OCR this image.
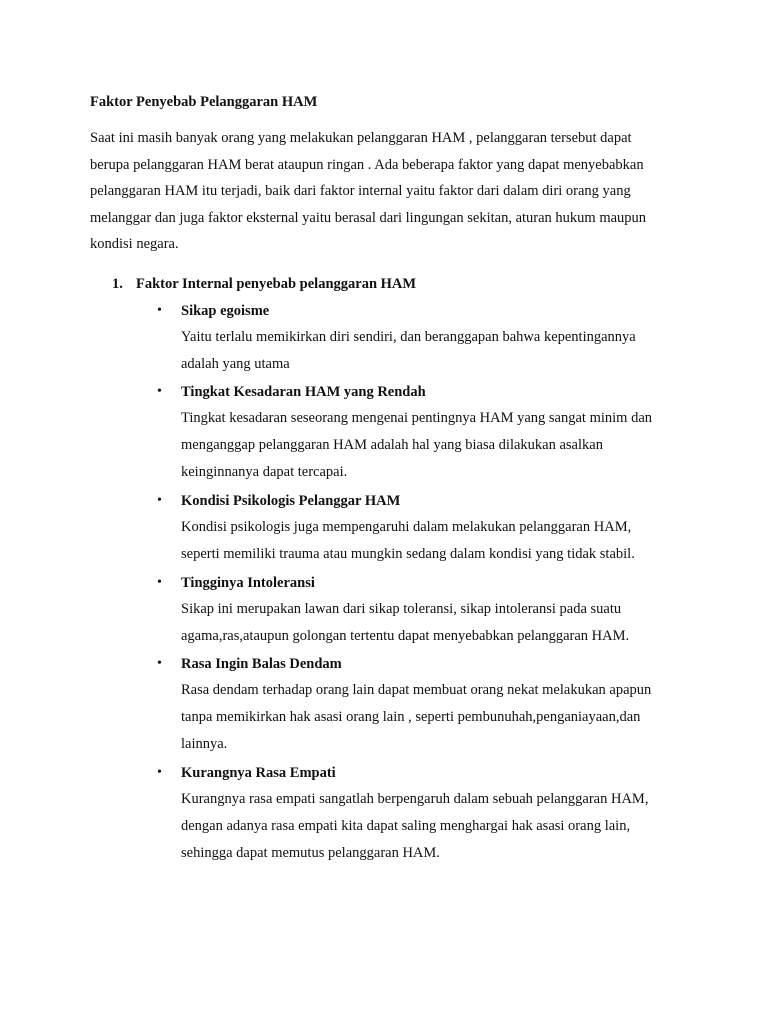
Faktor Penyebab Pelanggaran HAM
Saat ini masih banyak orang yang melakukan pelanggaran HAM , pelanggaran tersebut dapat
berupa pelanggaran HAM berat ataupun ringan . Ada beberapa faktor yang dapat menyebabkan
pelanggaran HAM itu terjadi, baik dari faktor internal yaitu faktor dari dalam diri orang yang
melanggar dan juga faktor eksternal yaitu berasal dari lingungan sekitan, aturan hukum maupun
kondisi negara.
1. Faktor Internal penyebab pelanggaran HAM
•	Sikap egoisme
Yaitu terlalu memikirkan diri sendiri, dan beranggapan bahwa kepentingannya
adalah yang utama
•	Tingkat Kesadaran HAM yang Rendah
Tingkat kesadaran seseorang mengenai pentingnya HAM yang sangat minim dan
menganggap pelanggaran HAM adalah hal yang biasa dilakukan asalkan
keinginnanya dapat tercapai.
•	Kondisi Psikologis Pelanggar HAM
Kondisi psikologis juga mempengaruhi dalam melakukan pelanggaran HAM,
seperti memiliki trauma atau mungkin sedang dalam kondisi yang tidak stabil.
•	Tingginya Intoleransi
Sikap ini merupakan lawan dari sikap toleransi, sikap intoleransi pada suatu
agama,ras,ataupun golongan tertentu dapat menyebabkan pelanggaran HAM.
•	Rasa Ingin Balas Dendam
Rasa dendam terhadap orang lain dapat membuat orang nekat melakukan apapun
tanpa memikirkan hak asasi orang lain , seperti pembunuhah,penganiayaan,dan
lainnya.
•	Kurangnya Rasa Empati
Kurangnya rasa empati sangatlah berpengaruh dalam sebuah pelanggaran HAM,
dengan adanya rasa empati kita dapat saling menghargai hak asasi orang lain,
sehingga dapat memutus pelanggaran HAM.
